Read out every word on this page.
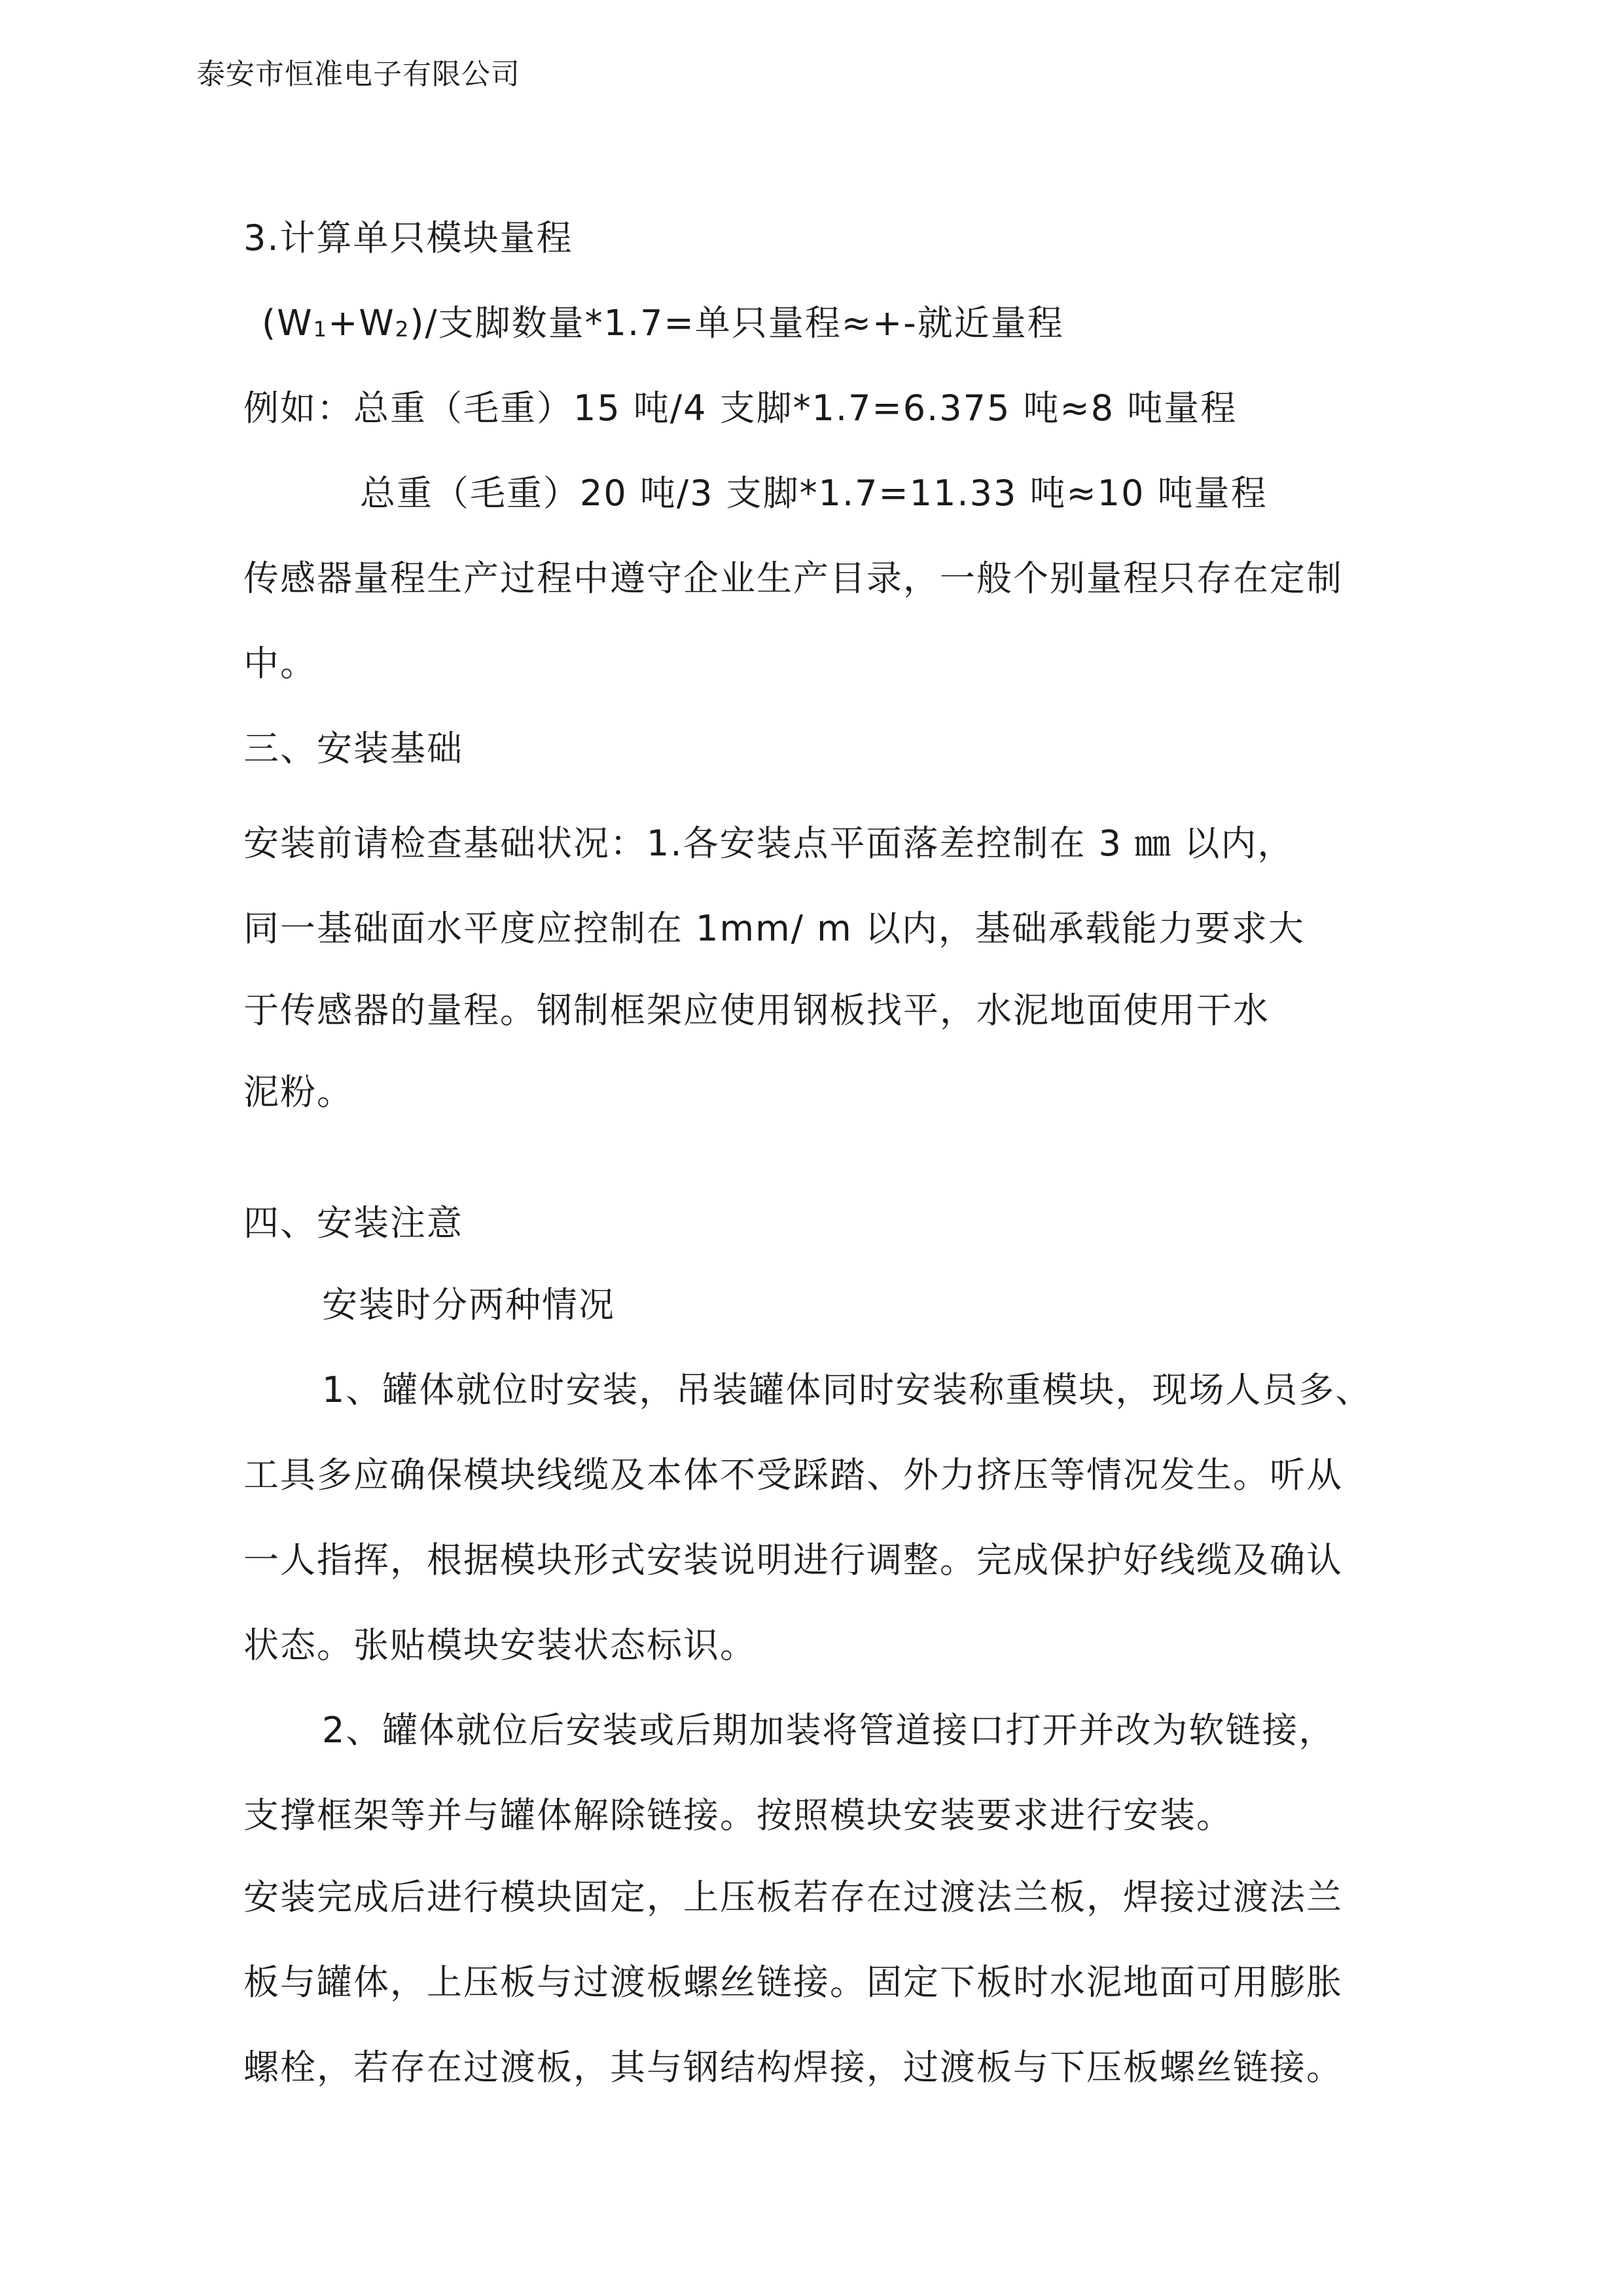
泰安市恒准电子有限公司
3.计算单只模块量程
$(W_1+W_2)/$支脚数量*1.7=单只量程≈+-就近量程
例如：总重（毛重）15 吨/4 支脚*1.7=6.375 吨≈8 吨量程
总重（毛重）20 吨/3 支脚*1.7=11.33 吨≈10 吨量程
传感器量程生产过程中遵守企业生产目录，一般个别量程只存在定制
中。
三、安装基础
安装前请检查基础状况：1.各安装点平面落差控制在 3 ㎜ 以内，
同一基础面水平度应控制在 1mm/ m 以内，基础承载能力要求大
于传感器的量程。钢制框架应使用钢板找平，水泥地面使用干水
泥粉。
四、安装注意
安装时分两种情况
1、罐体就位时安装，吊装罐体同时安装称重模块，现场人员多、
工具多应确保模块线缆及本体不受踩踏、外力挤压等情况发生。听从
一人指挥，根据模块形式安装说明进行调整。完成保护好线缆及确认
状态。张贴模块安装状态标识。
2、罐体就位后安装或后期加装将管道接口打开并改为软链接，
支撑框架等并与罐体解除链接。按照模块安装要求进行安装。
安装完成后进行模块固定，上压板若存在过渡法兰板，焊接过渡法兰
板与罐体，上压板与过渡板螺丝链接。固定下板时水泥地面可用膨胀
螺栓，若存在过渡板，其与钢结构焊接，过渡板与下压板螺丝链接。
